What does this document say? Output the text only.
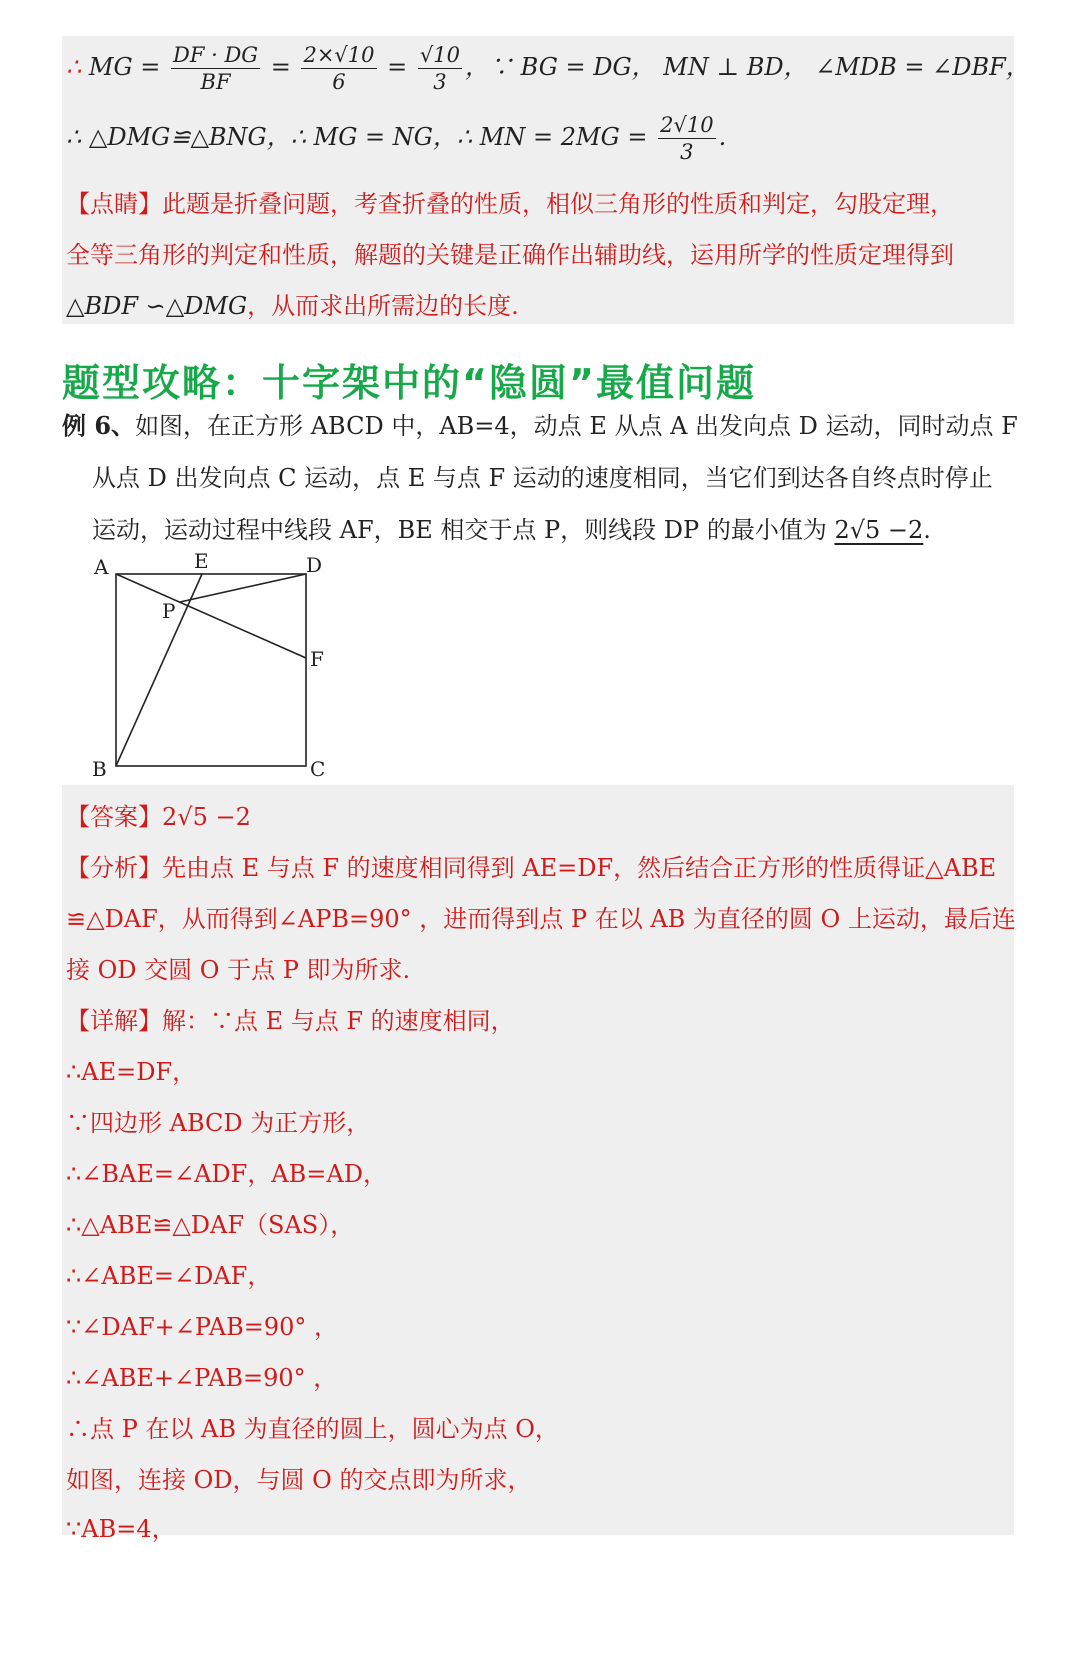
∴ MG = $\frac{DF \cdot DG}{BF} = \frac{2\times√10}{6} = \frac{√10}{3}$ ，∵ BG = DG， MN ⊥ BD， ∠MDB = ∠DBF，
∴ △DMG≌△BNG，∴ MG = NG，∴ MN = $2MG = \frac{2√10}{3}$ .
【点睛】此题是折叠问题，考查折叠的性质，相似三角形的性质和判定，勾股定理，
全等三角形的判定和性质，解题的关键是正确作出辅助线，运用所学的性质定理得到
△BDF ∽△DMG，从而求出所需边的长度.
题型攻略：十字架中的“隐圆”最值问题
例 6、如图，在正方形 ABCD 中，AB=4，动点 E 从点 A 出发向点 D 运动，同时动点 F
从点 D 出发向点 C 运动，点 E 与点 F 运动的速度相同，当它们到达各自终点时停止
运动，运动过程中线段 AF，BE 相交于点 P，则线段 DP 的最小值为 2√5 −2.
A	E	D
P
F
B	C
【答案】2√5 −2
【分析】先由点 E 与点 F 的速度相同得到 AE=DF，然后结合正方形的性质得证△ABE
≌△DAF，从而得到∠APB=90° ，进而得到点 P 在以 AB 为直径的圆 O 上运动，最后连
接 OD 交圆 O 于点 P 即为所求.
【详解】解：∵点 E 与点 F 的速度相同，
∴AE=DF，
∵四边形 ABCD 为正方形，
∴∠BAE=∠ADF，AB=AD，
∴△ABE≌△DAF（SAS），
∴∠ABE=∠DAF，
∵∠DAF+∠PAB=90° ，
∴∠ABE+∠PAB=90° ，
∴点 P 在以 AB 为直径的圆上，圆心为点 O，
如图，连接 OD，与圆 O 的交点即为所求，
∵AB=4，
